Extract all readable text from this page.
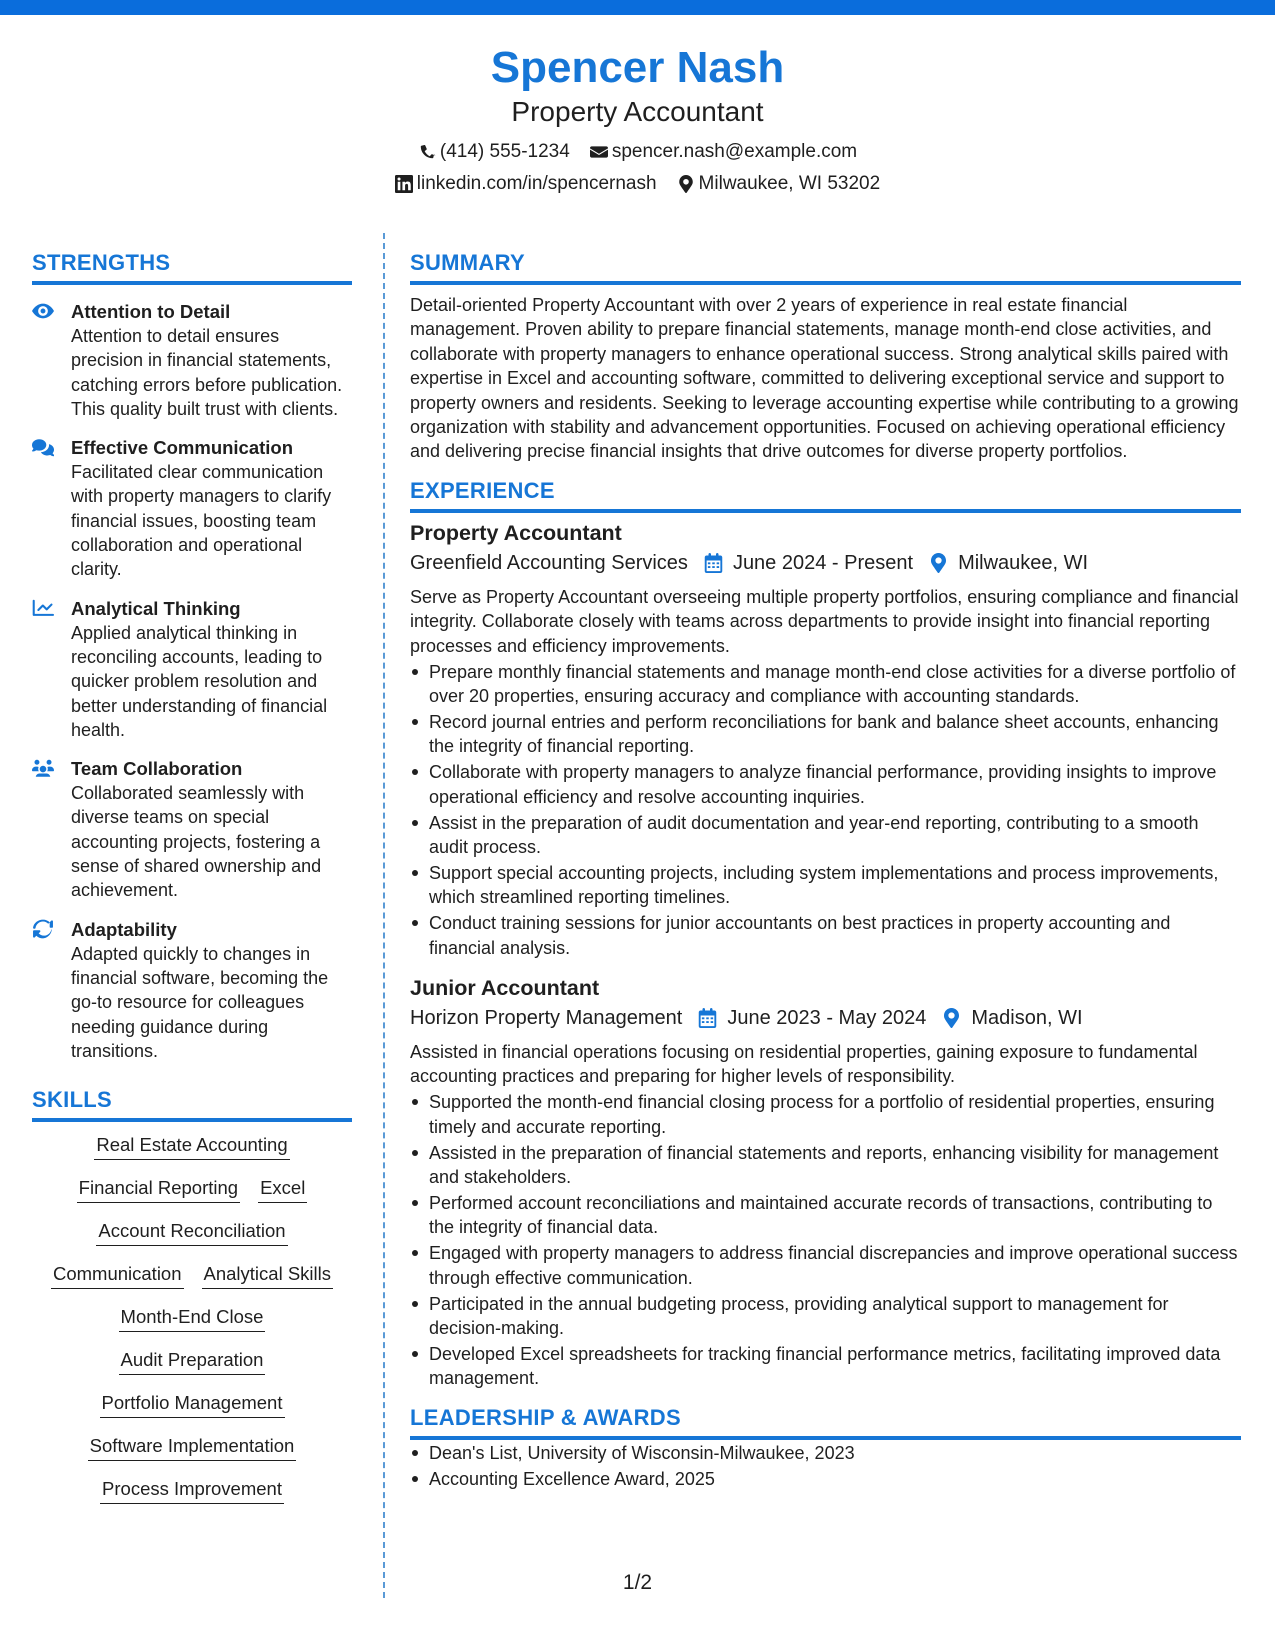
Spencer Nash
Property Accountant
(414) 555-1234 spencer.nash@example.com
linkedin.com/in/spencernash Milwaukee, WI 53202
STRENGTHS
Attention to Detail
Attention to detail ensures precision in financial statements, catching errors before publication. This quality built trust with clients.
Effective Communication
Facilitated clear communication with property managers to clarify financial issues, boosting team collaboration and operational clarity.
Analytical Thinking
Applied analytical thinking in reconciling accounts, leading to quicker problem resolution and better understanding of financial health.
Team Collaboration
Collaborated seamlessly with diverse teams on special accounting projects, fostering a sense of shared ownership and achievement.
Adaptability
Adapted quickly to changes in financial software, becoming the go-to resource for colleagues needing guidance during transitions.
SKILLS
Real Estate Accounting
Financial Reporting Excel
Account Reconciliation
Communication Analytical Skills
Month-End Close
Audit Preparation
Portfolio Management
Software Implementation
Process Improvement
SUMMARY
Detail-oriented Property Accountant with over 2 years of experience in real estate financial management. Proven ability to prepare financial statements, manage month-end close activities, and collaborate with property managers to enhance operational success. Strong analytical skills paired with expertise in Excel and accounting software, committed to delivering exceptional service and support to property owners and residents. Seeking to leverage accounting expertise while contributing to a growing organization with stability and advancement opportunities. Focused on achieving operational efficiency and delivering precise financial insights that drive outcomes for diverse property portfolios.
EXPERIENCE
Property Accountant
Greenfield Accounting Services June 2024 - Present Milwaukee, WI
Serve as Property Accountant overseeing multiple property portfolios, ensuring compliance and financial integrity. Collaborate closely with teams across departments to provide insight into financial reporting processes and efficiency improvements.
Prepare monthly financial statements and manage month-end close activities for a diverse portfolio of over 20 properties, ensuring accuracy and compliance with accounting standards.
Record journal entries and perform reconciliations for bank and balance sheet accounts, enhancing the integrity of financial reporting.
Collaborate with property managers to analyze financial performance, providing insights to improve operational efficiency and resolve accounting inquiries.
Assist in the preparation of audit documentation and year-end reporting, contributing to a smooth audit process.
Support special accounting projects, including system implementations and process improvements, which streamlined reporting timelines.
Conduct training sessions for junior accountants on best practices in property accounting and financial analysis.
Junior Accountant
Horizon Property Management June 2023 - May 2024 Madison, WI
Assisted in financial operations focusing on residential properties, gaining exposure to fundamental accounting practices and preparing for higher levels of responsibility.
Supported the month-end financial closing process for a portfolio of residential properties, ensuring timely and accurate reporting.
Assisted in the preparation of financial statements and reports, enhancing visibility for management and stakeholders.
Performed account reconciliations and maintained accurate records of transactions, contributing to the integrity of financial data.
Engaged with property managers to address financial discrepancies and improve operational success through effective communication.
Participated in the annual budgeting process, providing analytical support to management for decision-making.
Developed Excel spreadsheets for tracking financial performance metrics, facilitating improved data management.
LEADERSHIP & AWARDS
Dean's List, University of Wisconsin-Milwaukee, 2023
Accounting Excellence Award, 2025
1/2
